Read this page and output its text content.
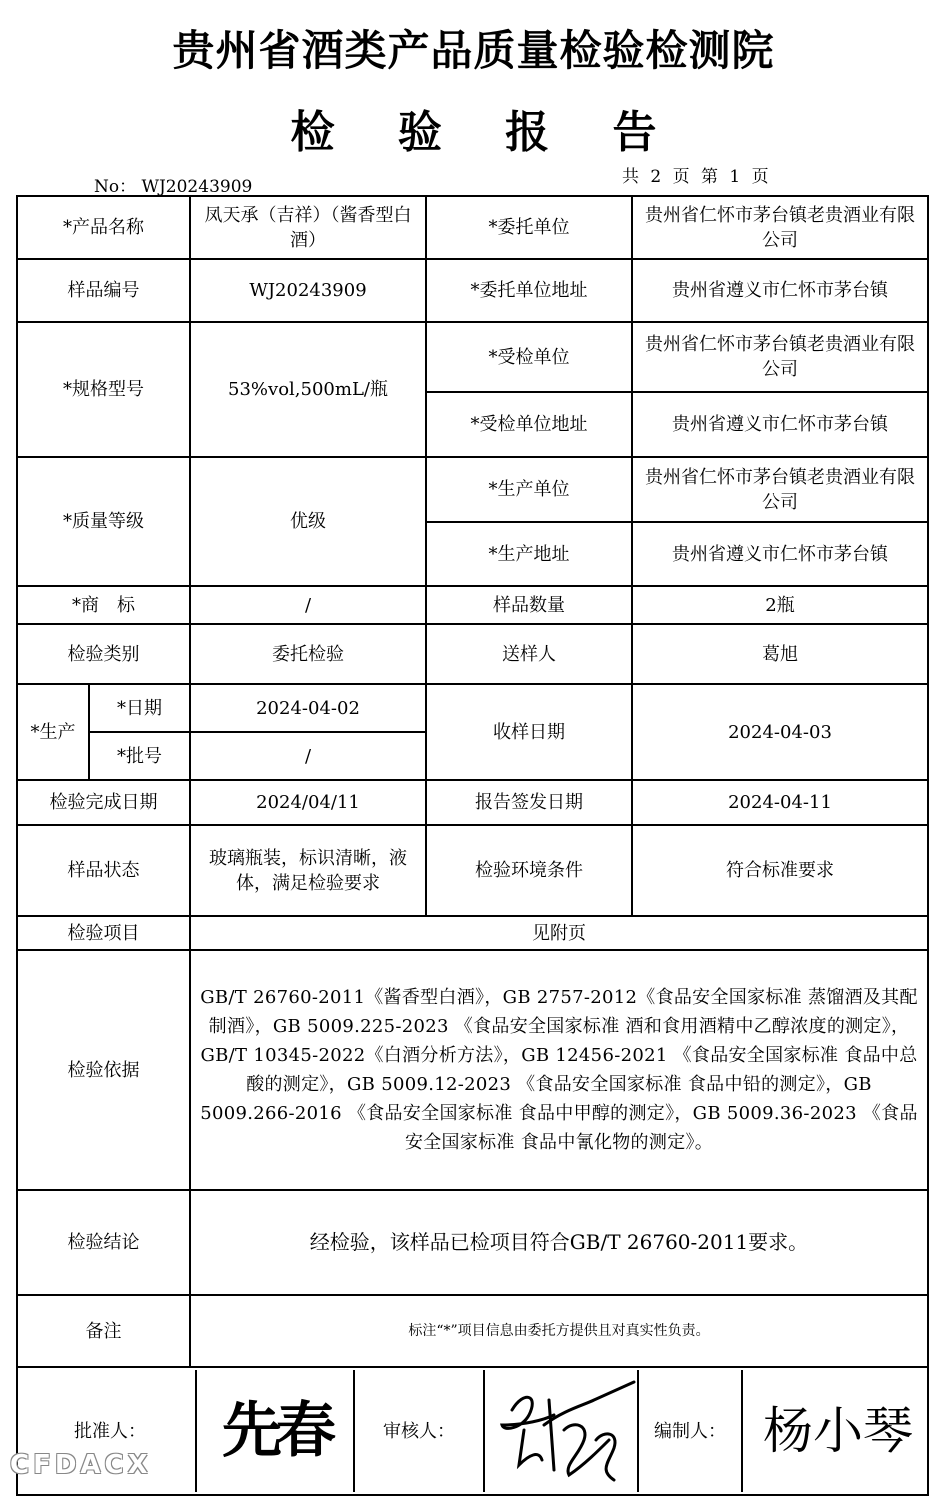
贵州省酒类产品质量检验检测院
检 验 报 告
No： WJ20243909	共 2 页 第 1 页
*产品名称		凤天承（吉祥）（酱香型白酒）	*委托单位	贵州省仁怀市茅台镇老贵酒业有限公司
样品编号		WJ20243909	*委托单位地址	贵州省遵义市仁怀市茅台镇
*规格型号		53%vol,500mL/瓶	*受检单位	贵州省仁怀市茅台镇老贵酒业有限公司
			*受检单位地址	贵州省遵义市仁怀市茅台镇
*质量等级		优级	*生产单位	贵州省仁怀市茅台镇老贵酒业有限公司
			*生产地址	贵州省遵义市仁怀市茅台镇
*商　标		/	样品数量	2瓶
检验类别		委托检验	送样人	葛旭
*生产	*日期	2024-04-02	收样日期	2024-04-03
	*批号	/		
检验完成日期		2024/04/11	报告签发日期	2024-04-11
样品状态		玻璃瓶装，标识清晰，液体，满足检验要求	检验环境条件	符合标准要求
检验项目		见附页		
检验依据		GB/T 26760-2011《酱香型白酒》，GB 2757-2012《食品安全国家标准 蒸馏酒及其配制酒》，GB 5009.225-2023 《食品安全国家标准 酒和食用酒精中乙醇浓度的测定》，GB/T 10345-2022《白酒分析方法》，GB 12456-2021 《食品安全国家标准 食品中总酸的测定》，GB 5009.12-2023 《食品安全国家标准 食品中铅的测定》，GB 5009.266-2016 《食品安全国家标准 食品中甲醇的测定》，GB 5009.36-2023 《食品安全国家标准 食品中氰化物的测定》。		
检验结论		经检验，该样品已检项目符合GB/T 26760-2011要求。		
备注		标注“*”项目信息由委托方提供且对真实性负责。		

批准人： 先春 审核人： 编制人： 杨小琴				
CFDACX
